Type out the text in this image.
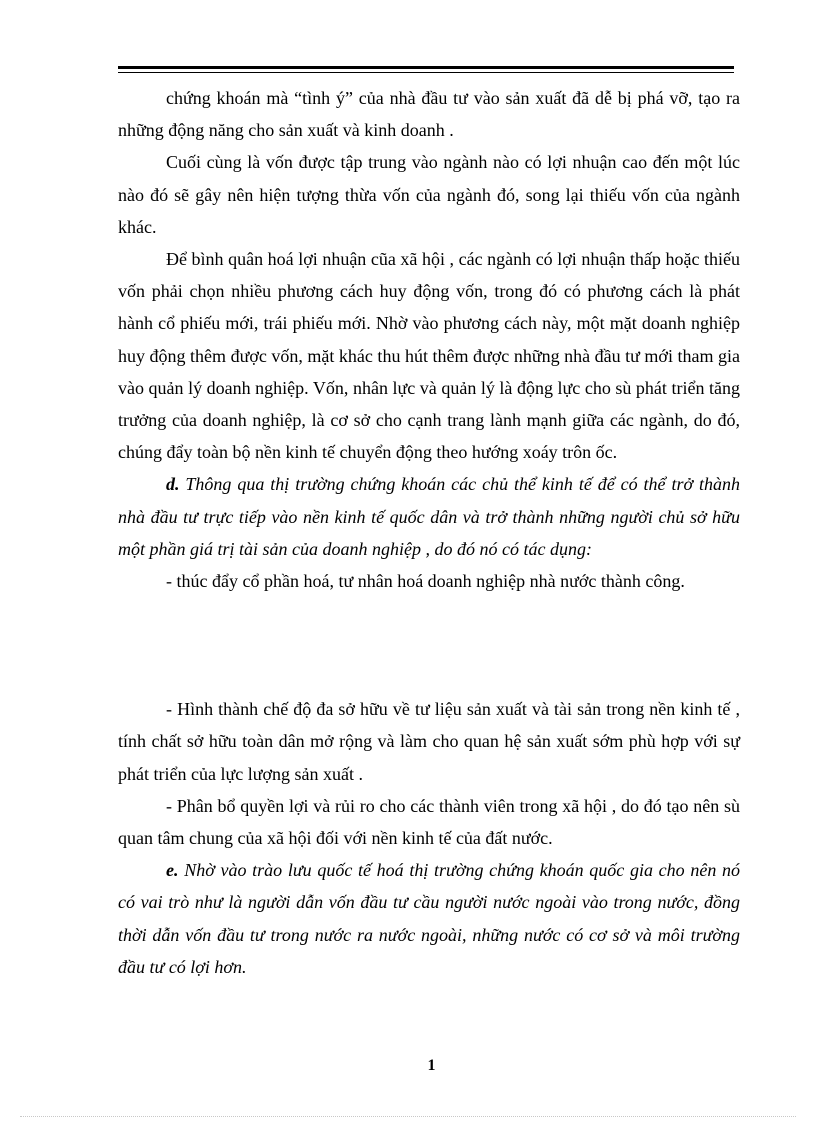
chứng khoán mà “tình ý” của nhà đầu tư vào sản xuất đã dễ bị phá vỡ, tạo ra những động năng cho sản xuất và kinh doanh .

Cuối cùng là vốn được tập trung vào ngành nào có lợi nhuận cao đến một lúc nào đó sẽ gây nên hiện tượng thừa vốn của ngành đó, song lại thiếu vốn của ngành khác.

Để bình quân hoá lợi nhuận cũa xã hội , các ngành có lợi nhuận thấp hoặc thiếu vốn phải chọn nhiều phương cách huy động vốn, trong đó có phương cách là phát hành cổ phiếu mới, trái phiếu mới. Nhờ vào phương cách này, một mặt doanh nghiệp huy động thêm được vốn, mặt khác thu hút thêm được những nhà đầu tư mới tham gia vào quản lý doanh nghiệp. Vốn, nhân lực và quản lý là động lực cho sù phát triển tăng trưởng của doanh nghiệp, là cơ sở cho cạnh trang lành mạnh giữa các ngành, do đó, chúng đẩy toàn bộ nền kinh tế chuyển động theo hướng xoáy trôn ốc.

d. Thông qua thị trường chứng khoán các chủ thể kinh tế để có thể trở thành nhà đầu tư trực tiếp vào nền kinh tế quốc dân và trở thành những người chủ sở hữu một phần giá trị tài sản của doanh nghiệp , do đó nó có tác dụng:

- thúc đẩy cổ phần hoá, tư nhân hoá doanh nghiệp nhà nước thành công.

- Hình thành chế độ đa sở hữu về tư liệu sản xuất và tài sản trong nền kinh tế , tính chất sở hữu toàn dân mở rộng và làm cho quan hệ sản xuất sớm phù hợp với sự phát triển của lực lượng sản xuất .

- Phân bổ quyền lợi và rủi ro cho các thành viên trong xã hội , do đó tạo nên sù quan tâm chung của xã hội đối với nền kinh tế của đất nước.

e. Nhờ vào trào lưu quốc tế hoá thị trường chứng khoán quốc gia cho nên nó có vai trò như là người dẫn vốn đầu tư cầu người nước ngoài vào trong nước, đồng thời dẫn vốn đầu tư trong nước ra nước ngoài, những nước có cơ sở và môi trường đầu tư có lợi hơn.

1
